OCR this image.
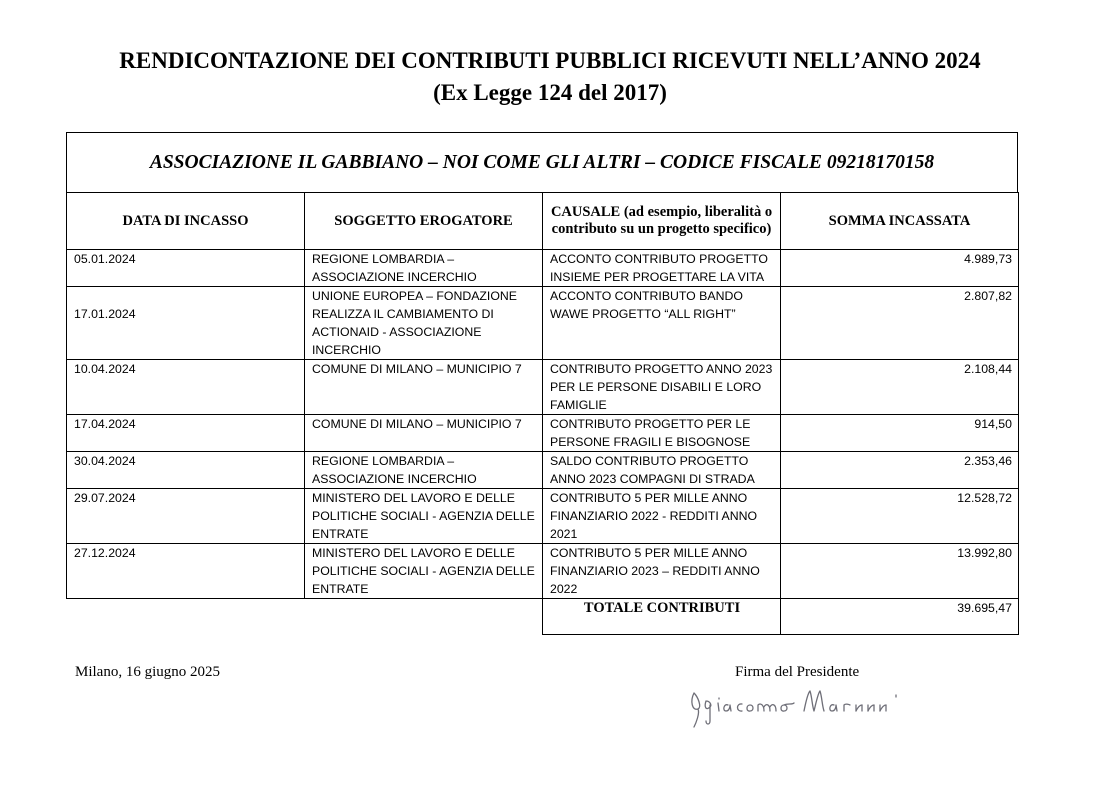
RENDICONTAZIONE DEI CONTRIBUTI PUBBLICI RICEVUTI NELL’ANNO 2024
(Ex Legge 124 del 2017)
ASSOCIAZIONE IL GABBIANO – NOI COME GLI ALTRI – CODICE FISCALE 09218170158
DATA DI INCASSO	SOGGETTO EROGATORE	CAUSALE (ad esempio, liberalità o contributo su un progetto specifico)	SOMMA INCASSATA
05.01.2024	REGIONE LOMBARDIA – ASSOCIAZIONE INCERCHIO	ACCONTO CONTRIBUTO PROGETTO INSIEME PER PROGETTARE LA VITA	4.989,73
17.01.2024	UNIONE EUROPEA – FONDAZIONE REALIZZA IL CAMBIAMENTO DI ACTIONAID - ASSOCIAZIONE INCERCHIO	ACCONTO CONTRIBUTO BANDO WAWE PROGETTO “ALL RIGHT”	2.807,82
10.04.2024	COMUNE DI MILANO – MUNICIPIO 7	CONTRIBUTO PROGETTO ANNO 2023 PER LE PERSONE DISABILI E LORO FAMIGLIE	2.108,44
17.04.2024	COMUNE DI MILANO – MUNICIPIO 7	CONTRIBUTO PROGETTO PER LE PERSONE FRAGILI E BISOGNOSE	914,50
30.04.2024	REGIONE LOMBARDIA – ASSOCIAZIONE INCERCHIO	SALDO CONTRIBUTO PROGETTO ANNO 2023 COMPAGNI DI STRADA	2.353,46
29.07.2024	MINISTERO DEL LAVORO E DELLE POLITICHE SOCIALI - AGENZIA DELLE ENTRATE	CONTRIBUTO 5 PER MILLE ANNO FINANZIARIO 2022 - REDDITI ANNO 2021	12.528,72
27.12.2024	MINISTERO DEL LAVORO E DELLE POLITICHE SOCIALI - AGENZIA DELLE ENTRATE	CONTRIBUTO 5 PER MILLE ANNO FINANZIARIO 2023 – REDDITI ANNO 2022	13.992,80
		TOTALE CONTRIBUTI	39.695,47
Milano, 16 giugno 2025	Firma del Presidente
